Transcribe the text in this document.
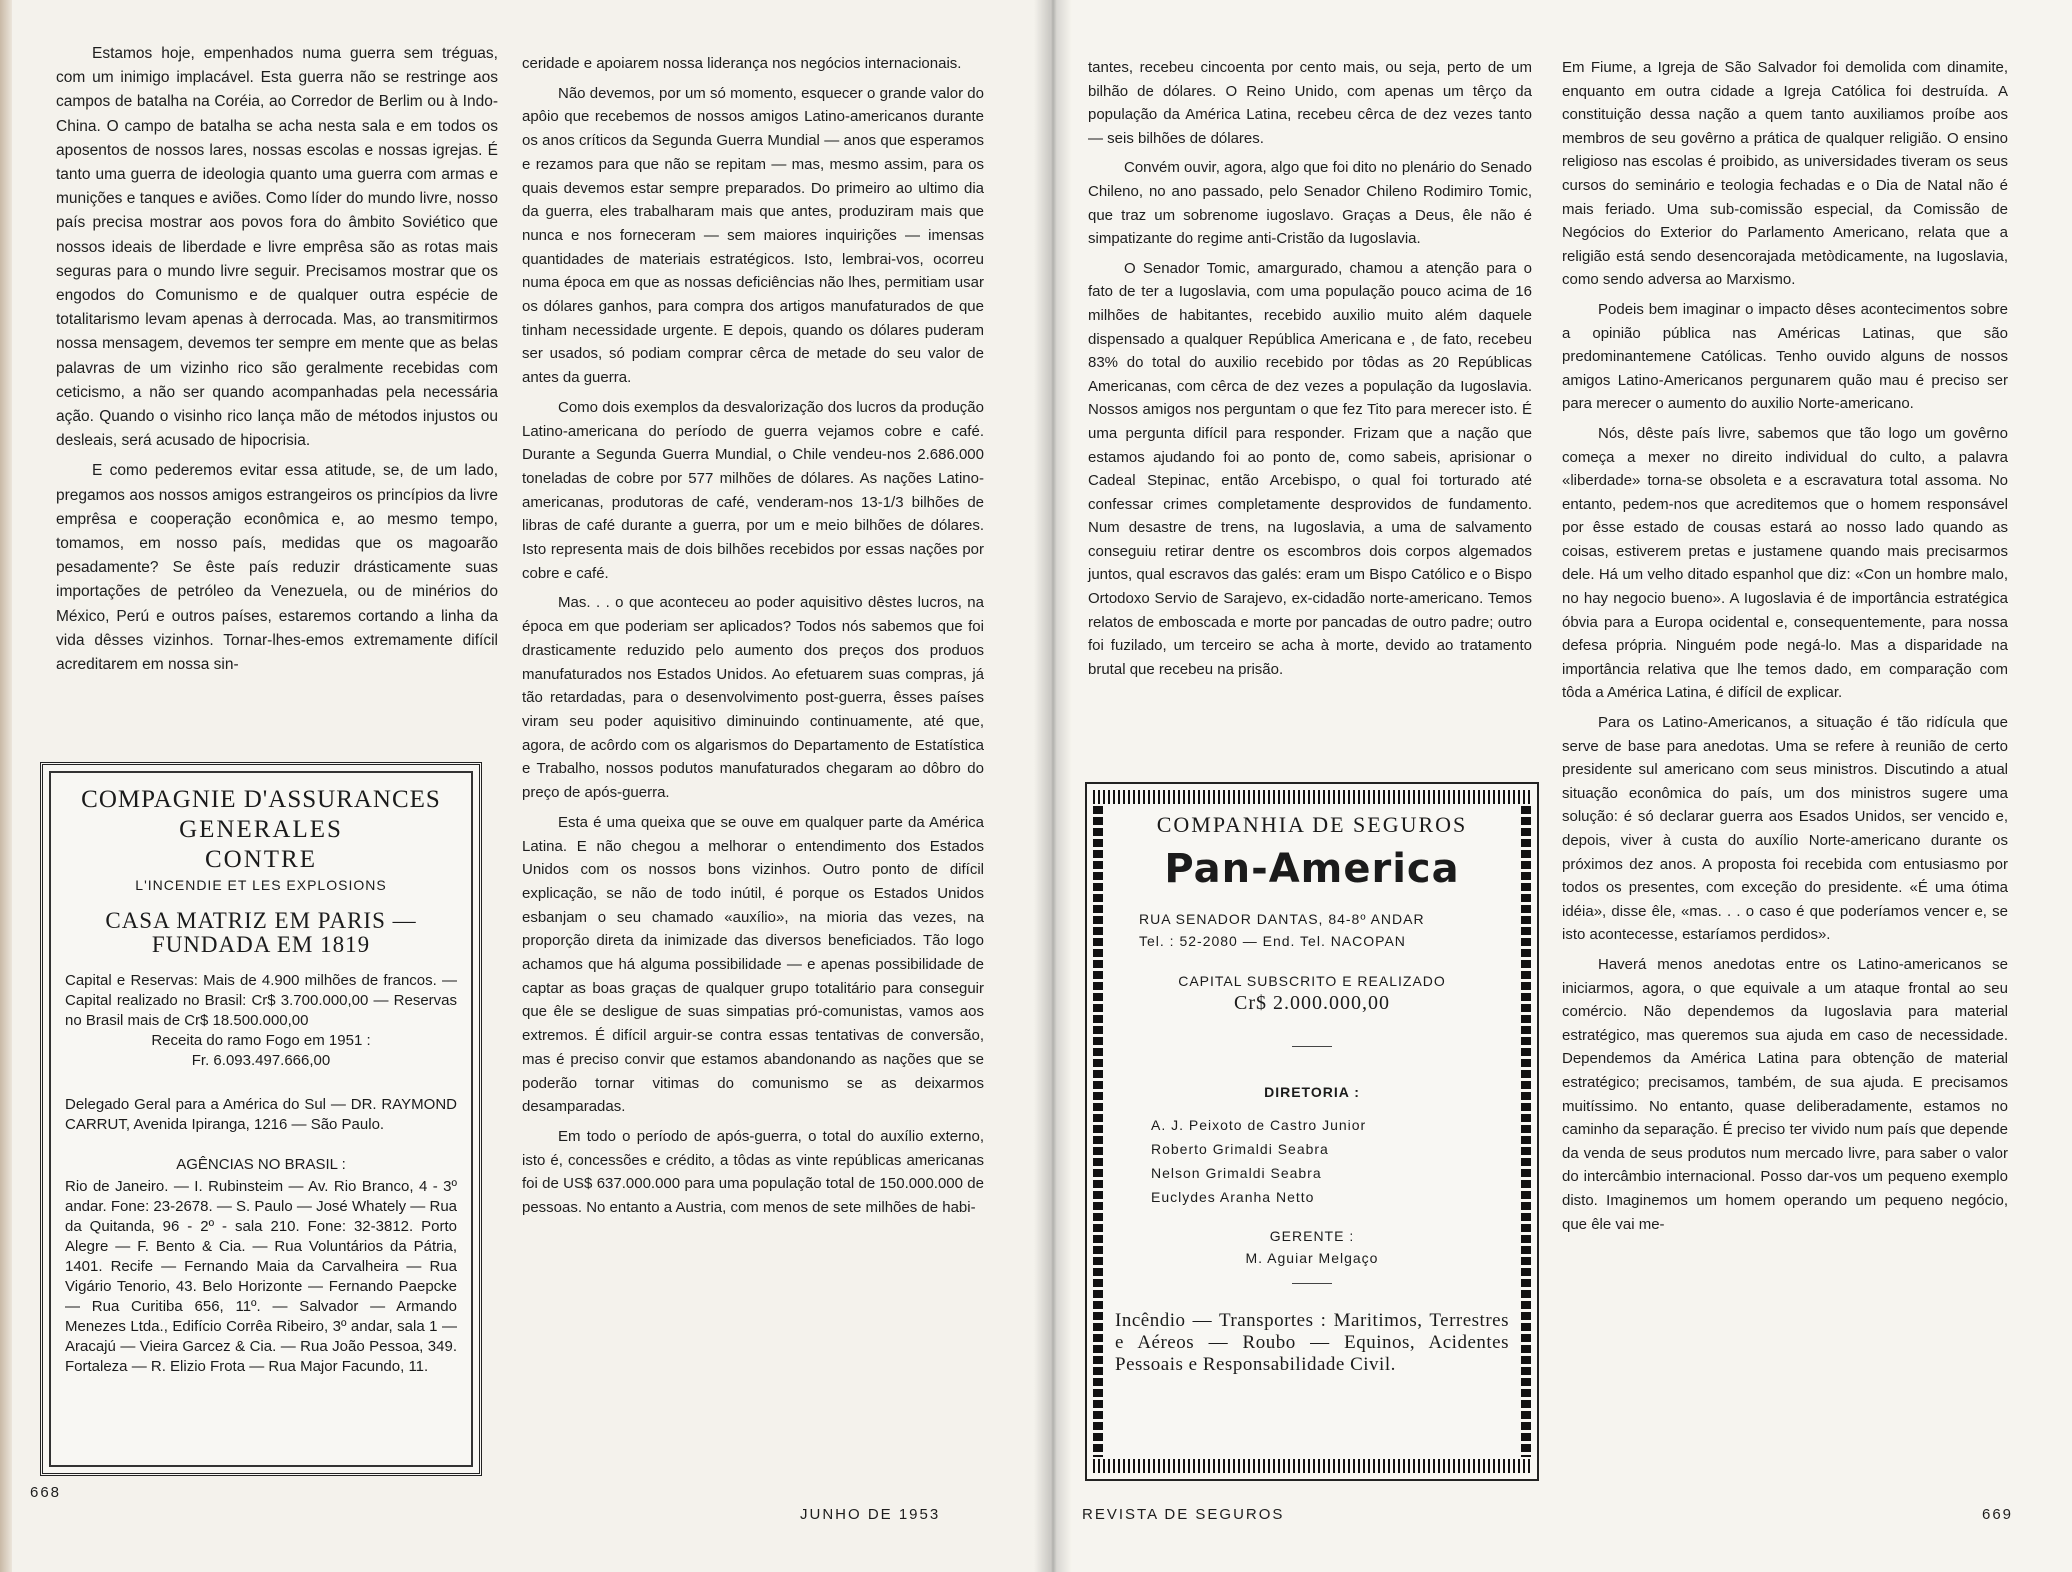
Estamos hoje, empenhados numa guerra sem tréguas, com um inimigo implacável. Esta guerra não se restringe aos campos de batalha na Coréia, ao Corredor de Berlim ou à Indo-China. O campo de batalha se acha nesta sala e em todos os aposentos de nossos lares, nossas escolas e nossas igrejas. É tanto uma guerra de ideologia quanto uma guerra com armas e munições e tanques e aviões. Como líder do mundo livre, nosso país precisa mostrar aos povos fora do âmbito Soviético que nossos ideais de liberdade e livre emprêsa são as rotas mais seguras para o mundo livre seguir. Precisamos mostrar que os engodos do Comunismo e de qualquer outra espécie de totalitarismo levam apenas à derrocada. Mas, ao transmitirmos nossa mensagem, devemos ter sempre em mente que as belas palavras de um vizinho rico são geralmente recebidas com ceticismo, a não ser quando acompanhadas pela necessária ação. Quando o visinho rico lança mão de métodos injustos ou desleais, será acusado de hipocrisia.

E como pederemos evitar essa atitude, se, de um lado, pregamos aos nossos amigos estrangeiros os princípios da livre emprêsa e cooperação econômica e, ao mesmo tempo, tomamos, em nosso país, medidas que os magoarão pesadamente? Se êste país reduzir drásticamente suas importações de petróleo da Venezuela, ou de minérios do México, Perú e outros países, estaremos cortando a linha da vida dêsses vizinhos. Tornar-lhes-emos extremamente difícil acreditarem em nossa sin-

COMPAGNIE D'ASSURANCES
GENERALES
CONTRE
L'INCENDIE ET LES EXPLOSIONS
CASA MATRIZ EM PARIS —
FUNDADA EM 1819
Capital e Reservas: Mais de 4.900 milhões de francos. — Capital realizado no Brasil: Cr$ 3.700.000,00 — Reservas no Brasil mais de Cr$ 18.500.000,00
Receita do ramo Fogo em 1951 :
Fr. 6.093.497.666,00
Delegado Geral para a América do Sul — DR. RAYMOND CARRUT, Avenida Ipiranga, 1216 — São Paulo.
AGÊNCIAS NO BRASIL :
Rio de Janeiro. — I. Rubinsteim — Av. Rio Branco, 4 - 3º andar. Fone: 23-2678. — S. Paulo — José Whately — Rua da Quitanda, 96 - 2º - sala 210. Fone: 32-3812. Porto Alegre — F. Bento & Cia. — Rua Voluntários da Pátria, 1401. Recife — Fernando Maia da Carvalheira — Rua Vigário Tenorio, 43. Belo Horizonte — Fernando Paepcke — Rua Curitiba 656, 11º. — Salvador — Armando Menezes Ltda., Edifício Corrêa Ribeiro, 3º andar, sala 1 — Aracajú — Vieira Garcez & Cia. — Rua João Pessoa, 349. Fortaleza — R. Elizio Frota — Rua Major Facundo, 11.

ceridade e apoiarem nossa liderança nos negócios internacionais.

Não devemos, por um só momento, esquecer o grande valor do apôio que recebemos de nossos amigos Latino-americanos durante os anos críticos da Segunda Guerra Mundial — anos que esperamos e rezamos para que não se repitam — mas, mesmo assim, para os quais devemos estar sempre preparados. Do primeiro ao ultimo dia da guerra, eles trabalharam mais que antes, produziram mais que nunca e nos forneceram — sem maiores inquirições — imensas quantidades de materiais estratégicos. Isto, lembrai-vos, ocorreu numa época em que as nossas deficiências não lhes, permitiam usar os dólares ganhos, para compra dos artigos manufaturados de que tinham necessidade urgente. E depois, quando os dólares puderam ser usados, só podiam comprar cêrca de metade do seu valor de antes da guerra.

Como dois exemplos da desvalorização dos lucros da produção Latino-americana do período de guerra vejamos cobre e café. Durante a Segunda Guerra Mundial, o Chile vendeu-nos 2.686.000 toneladas de cobre por 577 milhões de dólares. As nações Latino-americanas, produtoras de café, venderam-nos 13-1/3 bilhões de libras de café durante a guerra, por um e meio bilhões de dólares. Isto representa mais de dois bilhões recebidos por essas nações por cobre e café.

Mas. . . o que aconteceu ao poder aquisitivo dêstes lucros, na época em que poderiam ser aplicados? Todos nós sabemos que foi drasticamente reduzido pelo aumento dos preços dos produos manufaturados nos Estados Unidos. Ao efetuarem suas compras, já tão retardadas, para o desenvolvimento post-guerra, êsses países viram seu poder aquisitivo diminuindo continuamente, até que, agora, de acôrdo com os algarismos do Departamento de Estatística e Trabalho, nossos podutos manufaturados chegaram ao dôbro do preço de após-guerra.

Esta é uma queixa que se ouve em qualquer parte da América Latina. E não chegou a melhorar o entendimento dos Estados Unidos com os nossos bons vizinhos. Outro ponto de difícil explicação, se não de todo inútil, é porque os Estados Unidos esbanjam o seu chamado «auxílio», na mioria das vezes, na proporção direta da inimizade das diversos beneficiados. Tão logo achamos que há alguma possibilidade — e apenas possibilidade de captar as boas graças de qualquer grupo totalitário para conseguir que êle se desligue de suas simpatias pró-comunistas, vamos aos extremos. É difícil arguir-se contra essas tentativas de conversão, mas é preciso convir que estamos abandonando as nações que se poderão tornar vitimas do comunismo se as deixarmos desamparadas.

Em todo o período de após-guerra, o total do auxílio externo, isto é, concessões e crédito, a tôdas as vinte repúblicas americanas foi de US$ 637.000.000 para uma população total de 150.000.000 de pessoas. No entanto a Austria, com menos de sete milhões de habi-

668
JUNHO DE 1953

tantes, recebeu cincoenta por cento mais, ou seja, perto de um bilhão de dólares. O Reino Unido, com apenas um têrço da população da América Latina, recebeu cêrca de dez vezes tanto — seis bilhões de dólares.

Convém ouvir, agora, algo que foi dito no plenário do Senado Chileno, no ano passado, pelo Senador Chileno Rodimiro Tomic, que traz um sobrenome iugoslavo. Graças a Deus, êle não é simpatizante do regime anti-Cristão da Iugoslavia.

O Senador Tomic, amargurado, chamou a atenção para o fato de ter a Iugoslavia, com uma população pouco acima de 16 milhões de habitantes, recebido auxilio muito além daquele dispensado a qualquer República Americana e , de fato, recebeu 83% do total do auxilio recebido por tôdas as 20 Repúblicas Americanas, com cêrca de dez vezes a população da Iugoslavia. Nossos amigos nos perguntam o que fez Tito para merecer isto. É uma pergunta difícil para responder. Frizam que a nação que estamos ajudando foi ao ponto de, como sabeis, aprisionar o Cadeal Stepinac, então Arcebispo, o qual foi torturado até confessar crimes completamente desprovidos de fundamento. Num desastre de trens, na Iugoslavia, a uma de salvamento conseguiu retirar dentre os escombros dois corpos algemados juntos, qual escravos das galés: eram um Bispo Católico e o Bispo Ortodoxo Servio de Sarajevo, ex-cidadão norte-americano. Temos relatos de emboscada e morte por pancadas de outro padre; outro foi fuzilado, um terceiro se acha à morte, devido ao tratamento brutal que recebeu na prisão.

COMPANHIA DE SEGUROS
Pan-America
RUA SENADOR DANTAS, 84-8º ANDAR
Tel. : 52-2080 — End. Tel. NACOPAN
CAPITAL SUBSCRITO E REALIZADO
Cr$ 2.000.000,00
DIRETORIA :
A. J. Peixoto de Castro Junior
Roberto Grimaldi Seabra
Nelson Grimaldi Seabra
Euclydes Aranha Netto
GERENTE :
M. Aguiar Melgaço
Incêndio — Transportes : Maritimos, Terrestres e Aéreos — Roubo — Equinos, Acidentes Pessoais e Responsabilidade Civil.

Em Fiume, a Igreja de São Salvador foi demolida com dinamite, enquanto em outra cidade a Igreja Católica foi destruída. A constituição dessa nação a quem tanto auxiliamos proíbe aos membros de seu govêrno a prática de qualquer religião. O ensino religioso nas escolas é proibido, as universidades tiveram os seus cursos do seminário e teologia fechadas e o Dia de Natal não é mais feriado. Uma sub-comissão especial, da Comissão de Negócios do Exterior do Parlamento Americano, relata que a religião está sendo desencorajada metòdicamente, na Iugoslavia, como sendo adversa ao Marxismo.

Podeis bem imaginar o impacto dêses acontecimentos sobre a opinião pública nas Américas Latinas, que são predominantemene Católicas. Tenho ouvido alguns de nossos amigos Latino-Americanos pergunarem quão mau é preciso ser para merecer o aumento do auxilio Norte-americano.

Nós, dêste país livre, sabemos que tão logo um govêrno começa a mexer no direito individual do culto, a palavra «liberdade» torna-se obsoleta e a escravatura total assoma. No entanto, pedem-nos que acreditemos que o homem responsável por êsse estado de cousas estará ao nosso lado quando as coisas, estiverem pretas e justamene quando mais precisarmos dele. Há um velho ditado espanhol que diz: «Con un hombre malo, no hay negocio bueno». A Iugoslavia é de importância estratégica óbvia para a Europa ocidental e, consequentemente, para nossa defesa própria. Ninguém pode negá-lo. Mas a disparidade na importância relativa que lhe temos dado, em comparação com tôda a América Latina, é difícil de explicar.

Para os Latino-Americanos, a situação é tão ridícula que serve de base para anedotas. Uma se refere à reunião de certo presidente sul americano com seus ministros. Discutindo a atual situação econômica do país, um dos ministros sugere uma solução: é só declarar guerra aos Esados Unidos, ser vencido e, depois, viver à custa do auxílio Norte-americano durante os próximos dez anos. A proposta foi recebida com entusiasmo por todos os presentes, com exceção do presidente. «É uma ótima idéia», disse êle, «mas. . . o caso é que poderíamos vencer e, se isto acontecesse, estaríamos perdidos».

Haverá menos anedotas entre os Latino-americanos se iniciarmos, agora, o que equivale a um ataque frontal ao seu comércio. Não dependemos da Iugoslavia para material estratégico, mas queremos sua ajuda em caso de necessidade. Dependemos da América Latina para obtenção de material estratégico; precisamos, também, de sua ajuda. E precisamos muitíssimo. No entanto, quase deliberadamente, estamos no caminho da separação. É preciso ter vivido num país que depende da venda de seus produtos num mercado livre, para saber o valor do intercâmbio internacional. Posso dar-vos um pequeno exemplo disto. Imaginemos um homem operando um pequeno negócio, que êle vai me-

REVISTA DE SEGUROS	669
